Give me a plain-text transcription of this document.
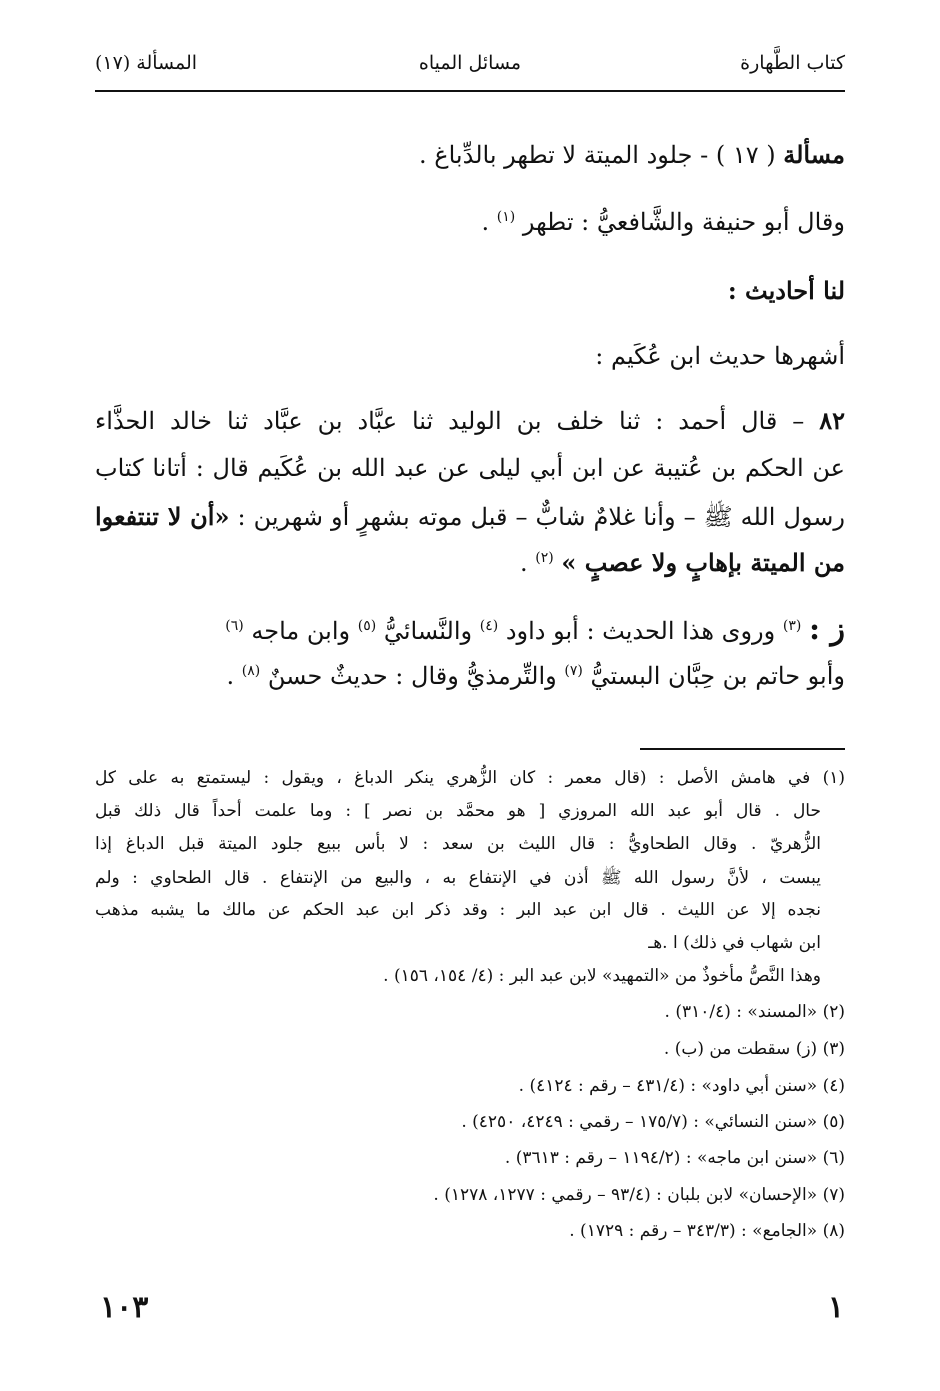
كتاب الطَّهارة
مسائل المياه
المسألة (١٧)
مسألة ( ١٧ ) - جلود الميتة لا تطهر بالدِّباغ .
وقال أبو حنيفة والشَّافعيُّ : تطهر $^{(١)}$ .
لنا أحاديث :
أشهرها حديث ابن عُكَيم :
٨٢ – قال أحمد : ثنا خلف بن الوليد ثنا عبَّاد بن عبَّاد ثنا خالد الحذَّاء
عن الحكم بن عُتيبة عن ابن أبي ليلى عن عبد الله بن عُكَيم قال : أتانا كتاب
رسول الله ﷺ – وأنا غلامٌ شابٌّ – قبل موته بشهرٍ أو شهرين : «أن لا تنتفعوا
من الميتة بإهابٍ ولا عصبٍ » $^{(٢)}$ .
ز : $^{(٣)}$ وروى هذا الحديث : أبو داود $^{(٤)}$ والنَّسائيُّ $^{(٥)}$ وابن ماجه $^{(٦)}$
وأبو حاتم بن حِبَّان البستيُّ $^{(٧)}$ والتِّرمذيُّ وقال : حديثٌ حسنٌ $^{(٨)}$ .
(١) في هامش الأصل : (قال معمر : كان الزُّهري ينكر الدباغ ، ويقول : ليستمتع به على كل
حال . قال أبو عبد الله المروزي [ هو محمَّد بن نصر ] : وما علمت أحداً قال ذلك قبل
الزُّهريّ . وقال الطحاويُّ : قال الليث بن سعد : لا بأس ببيع جلود الميتة قبل الدباغ إذا
يبست ، لأنَّ رسول الله ﷺ أذن في الإنتفاع به ، والبيع من الإنتفاع . قال الطحاوي : ولم
نجده إلا عن الليث . قال ابن عبد البر : وقد ذكر ابن عبد الحكم عن مالك ما يشبه مذهب
ابن شهاب في ذلك) ا .هـ
وهذا النَّصُّ مأخوذٌ من «التمهيد» لابن عبد البر : (٤/ ١٥٤، ١٥٦) .
(٢) «المسند» : (٣١٠/٤) .
(٣) (ز) سقطت من (ب) .
(٤) «سنن أبي داود» : (٤٣١/٤ – رقم : ٤١٢٤) .
(٥) «سنن النسائي» : (١٧٥/٧ – رقمي : ٤٢٤٩، ٤٢٥٠) .
(٦) «سنن ابن ماجه» : (١١٩٤/٢ – رقم : ٣٦١٣) .
(٧) «الإحسان» لابن بلبان : (٩٣/٤ – رقمي : ١٢٧٧، ١٢٧٨) .
(٨) «الجامع» : (٣٤٣/٣ – رقم : ١٧٢٩) .
١
١٠٣
